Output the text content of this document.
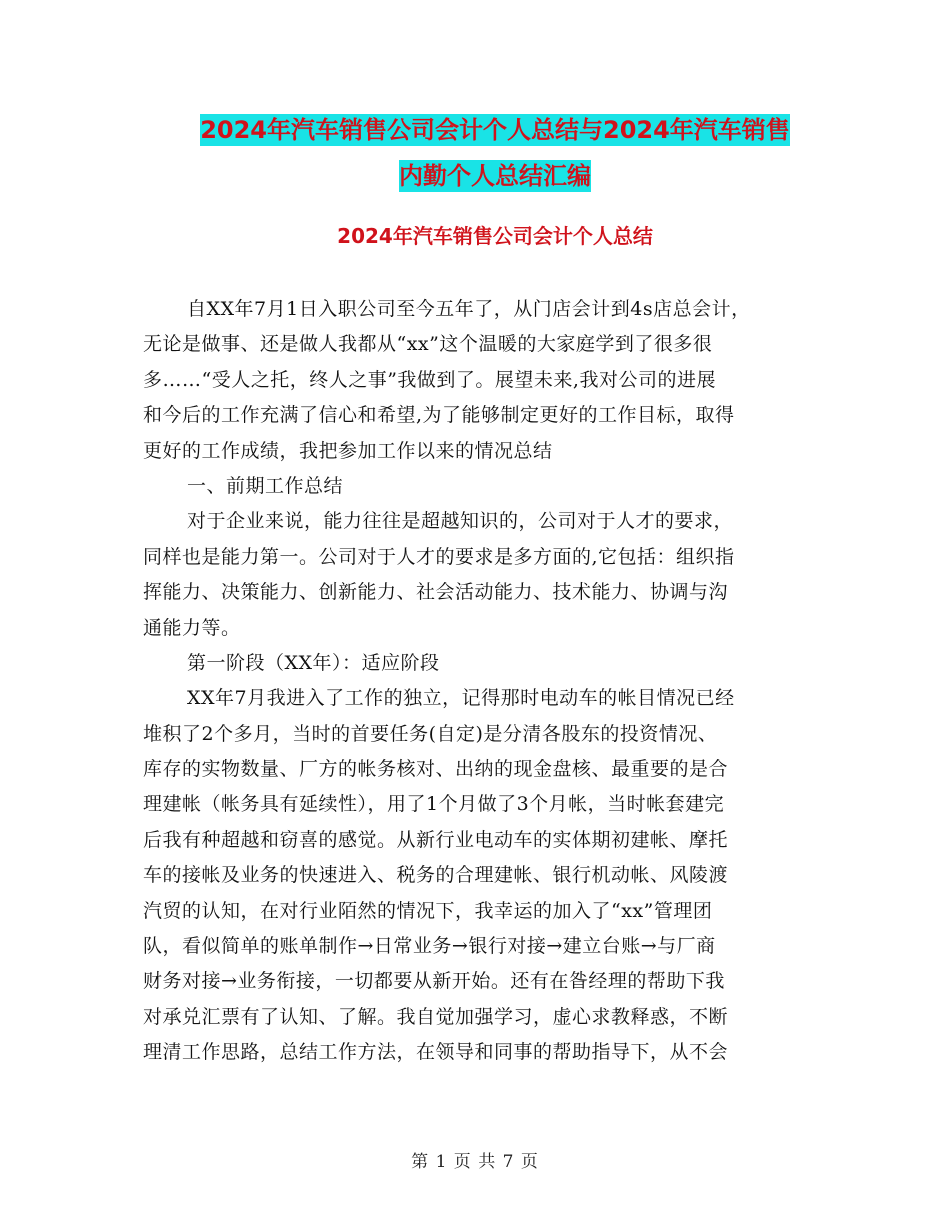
2024年汽车销售公司会计个人总结与2024年汽车销售
内勤个人总结汇编
2024年汽车销售公司会计个人总结
自XX年7月1日入职公司至今五年了，从门店会计到4s店总会计，
无论是做事、还是做人我都从“xx”这个温暖的大家庭学到了很多很
多……“受人之托，终人之事”我做到了。展望未来,我对公司的进展
和今后的工作充满了信心和希望,为了能够制定更好的工作目标，取得
更好的工作成绩，我把参加工作以来的情况总结
一、前期工作总结
对于企业来说，能力往往是超越知识的，公司对于人才的要求，
同样也是能力第一。公司对于人才的要求是多方面的,它包括：组织指
挥能力、决策能力、创新能力、社会活动能力、技术能力、协调与沟
通能力等。
第一阶段（XX年）：适应阶段
XX年7月我进入了工作的独立，记得那时电动车的帐目情况已经
堆积了2个多月，当时的首要任务(自定)是分清各股东的投资情况、
库存的实物数量、厂方的帐务核对、出纳的现金盘核、最重要的是合
理建帐（帐务具有延续性），用了1个月做了3个月帐，当时帐套建完
后我有种超越和窃喜的感觉。从新行业电动车的实体期初建帐、摩托
车的接帐及业务的快速进入、税务的合理建帐、银行机动帐、风陵渡
汽贸的认知，在对行业陌然的情况下，我幸运的加入了“xx”管理团
队，看似简单的账单制作→日常业务→银行对接→建立台账→与厂商
财务对接→业务衔接，一切都要从新开始。还有在昝经理的帮助下我
对承兑汇票有了认知、了解。我自觉加强学习，虚心求教释惑，不断
理清工作思路，总结工作方法，在领导和同事的帮助指导下，从不会
第 1 页 共 7 页
